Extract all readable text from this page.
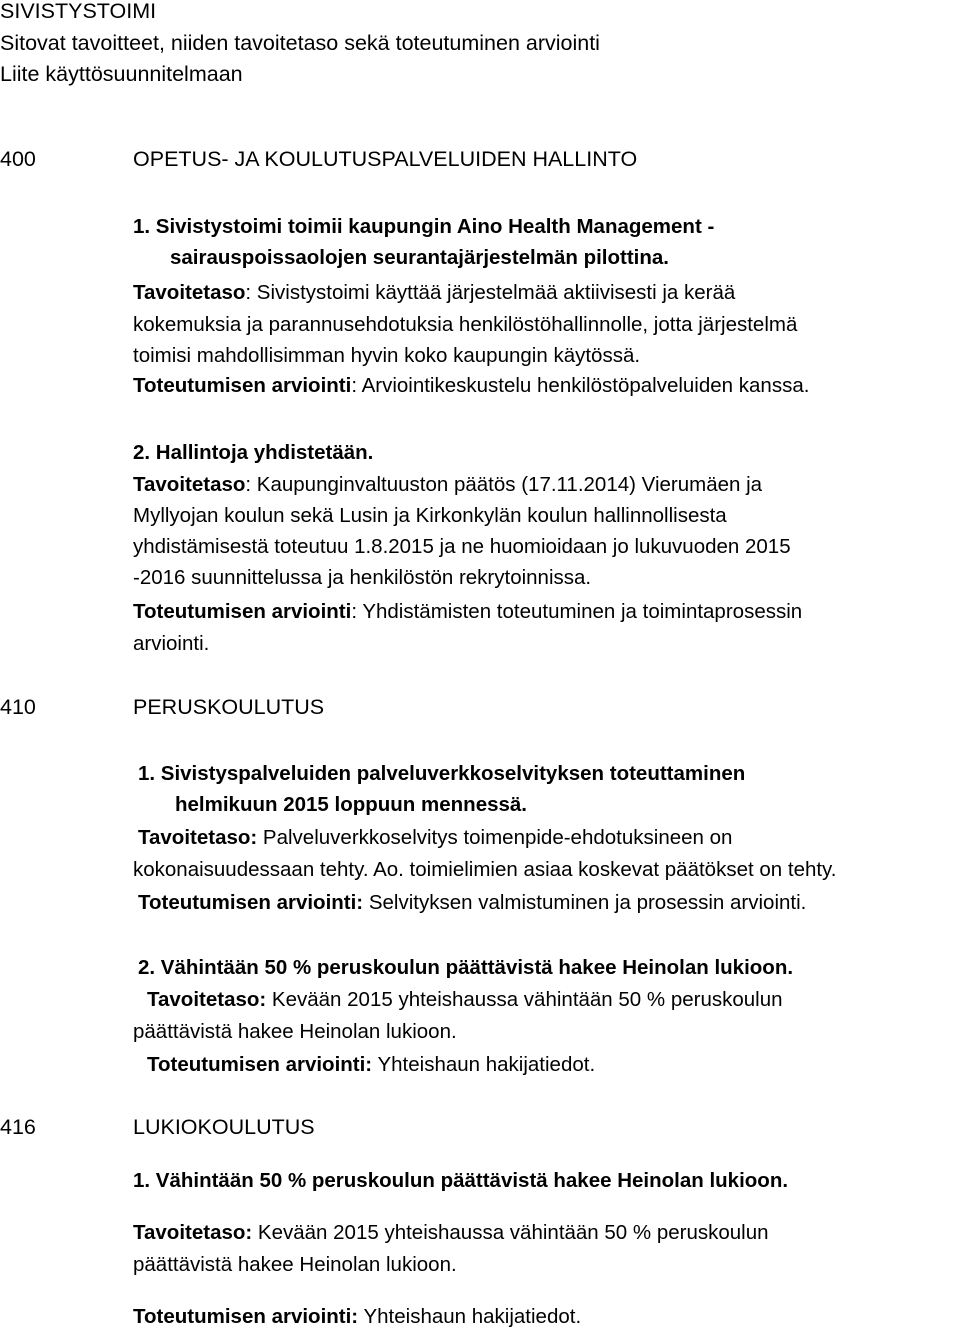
SIVISTYSTOIMI
Sitovat tavoitteet, niiden tavoitetaso sekä toteutuminen arviointi
Liite käyttösuunnitelmaan
400	OPETUS- JA KOULUTUSPALVELUIDEN HALLINTO
1. Sivistystoimi toimii kaupungin Aino Health Management -
sairauspoissaolojen seurantajärjestelmän pilottina.
Tavoitetaso: Sivistystoimi käyttää järjestelmää aktiivisesti ja kerää
kokemuksia ja parannusehdotuksia henkilöstöhallinnolle, jotta järjestelmä
toimisi mahdollisimman hyvin koko kaupungin käytössä.
Toteutumisen arviointi: Arviointikeskustelu henkilöstöpalveluiden kanssa.
2. Hallintoja yhdistetään.
Tavoitetaso: Kaupunginvaltuuston päätös (17.11.2014) Vierumäen ja
Myllyojan koulun sekä Lusin ja Kirkonkylän koulun hallinnollisesta
yhdistämisestä toteutuu 1.8.2015 ja ne huomioidaan jo lukuvuoden 2015
-2016 suunnittelussa ja henkilöstön rekrytoinnissa.
Toteutumisen arviointi: Yhdistämisten toteutuminen ja toimintaprosessin
arviointi.
410	PERUSKOULUTUS
1. Sivistyspalveluiden palveluverkkoselvityksen toteuttaminen
helmikuun 2015 loppuun mennessä.
Tavoitetaso: Palveluverkkoselvitys toimenpide-ehdotuksineen on
kokonaisuudessaan tehty. Ao. toimielimien asiaa koskevat päätökset on tehty.
Toteutumisen arviointi: Selvityksen valmistuminen ja prosessin arviointi.
2. Vähintään 50 % peruskoulun päättävistä hakee Heinolan lukioon.
Tavoitetaso: Kevään 2015 yhteishaussa vähintään 50 % peruskoulun
päättävistä hakee Heinolan lukioon.
Toteutumisen arviointi: Yhteishaun hakijatiedot.
416	LUKIOKOULUTUS
1. Vähintään 50 % peruskoulun päättävistä hakee Heinolan lukioon.
Tavoitetaso: Kevään 2015 yhteishaussa vähintään 50 % peruskoulun
päättävistä hakee Heinolan lukioon.
Toteutumisen arviointi: Yhteishaun hakijatiedot.
